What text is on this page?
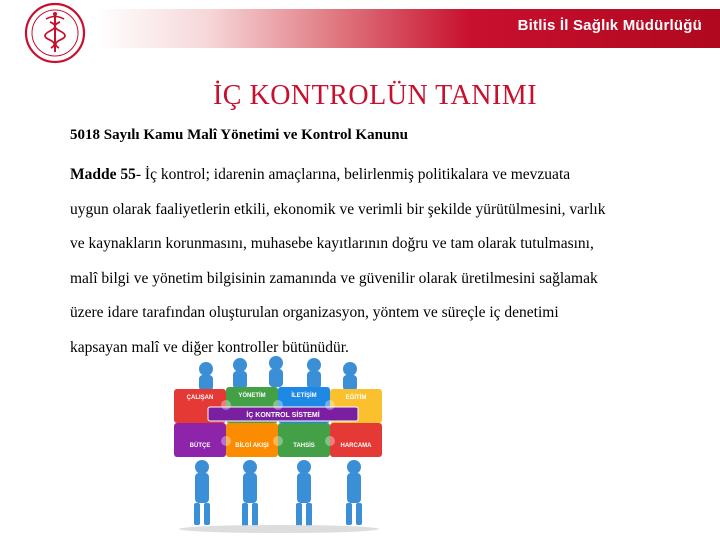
Bitlis İl Sağlık Müdürlüğü
İÇ KONTROLÜN TANIMI
5018 Sayılı Kamu Malî Yönetimi ve Kontrol Kanunu
Madde 55- İç kontrol; idarenin amaçlarına, belirlenmiş politikalara ve mevzuata
uygun olarak faaliyetlerin etkili, ekonomik ve verimli bir şekilde yürütülmesini, varlık
ve kaynakların korunmasını, muhasebe kayıtlarının doğru ve tam olarak tutulmasını,
malî bilgi ve yönetim bilgisinin zamanında ve güvenilir olarak üretilmesini sağlamak
üzere idare tarafından oluşturulan organizasyon, yöntem ve süreçle iç denetimi
kapsayan malî ve diğer kontroller bütünüdür.
ÇALIŞAN	YÖNETİM	İLETİŞİM	EĞİTİM
İÇ KONTROL SİSTEMİ
BÜTÇE	BİLGİ AKIŞI	TAHSİS	HARCAMA
